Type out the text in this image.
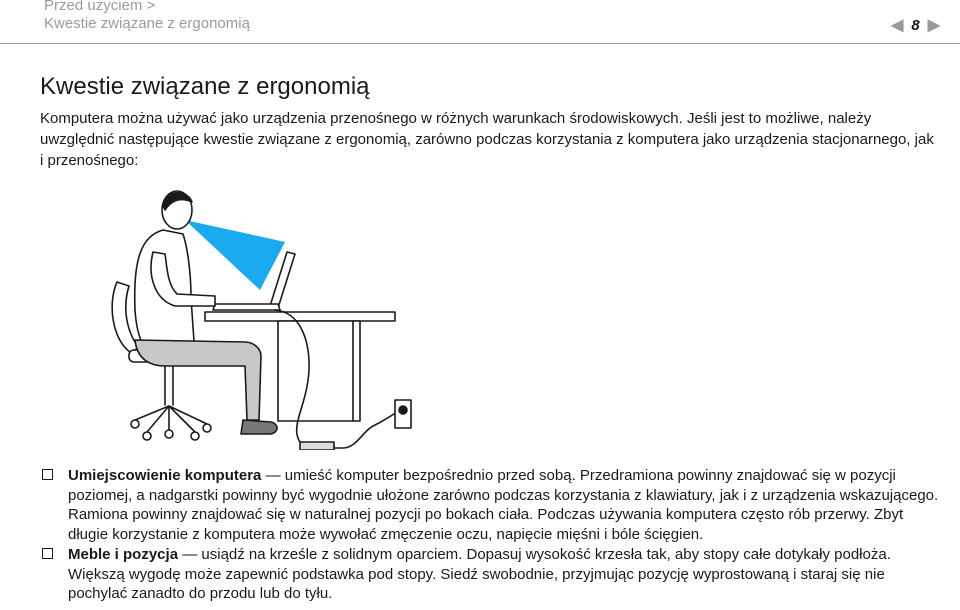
Przed użyciem >
Kwestie związane z ergonomią	◀ 8 ▶
Kwestie związane z ergonomią

Komputera można używać jako urządzenia przenośnego w różnych warunkach środowiskowych. Jeśli jest to możliwe, należy uwzględnić następujące kwestie związane z ergonomią, zarówno podczas korzystania z komputera jako urządzenia stacjonarnego, jak i przenośnego:

Umiejscowienie komputera — umieść komputer bezpośrednio przed sobą. Przedramiona powinny znajdować się w pozycji poziomej, a nadgarstki powinny być wygodnie ułożone zarówno podczas korzystania z klawiatury, jak i z urządzenia wskazującego. Ramiona powinny znajdować się w naturalnej pozycji po bokach ciała. Podczas używania komputera często rób przerwy. Zbyt długie korzystanie z komputera może wywołać zmęczenie oczu, napięcie mięśni i bóle ścięgien.
Meble i pozycja — usiądź na krześle z solidnym oparciem. Dopasuj wysokość krzesła tak, aby stopy całe dotykały podłoża. Większą wygodę może zapewnić podstawka pod stopy. Siedź swobodnie, przyjmując pozycję wyprostowaną i staraj się nie pochylać zanadto do przodu lub do tyłu.
